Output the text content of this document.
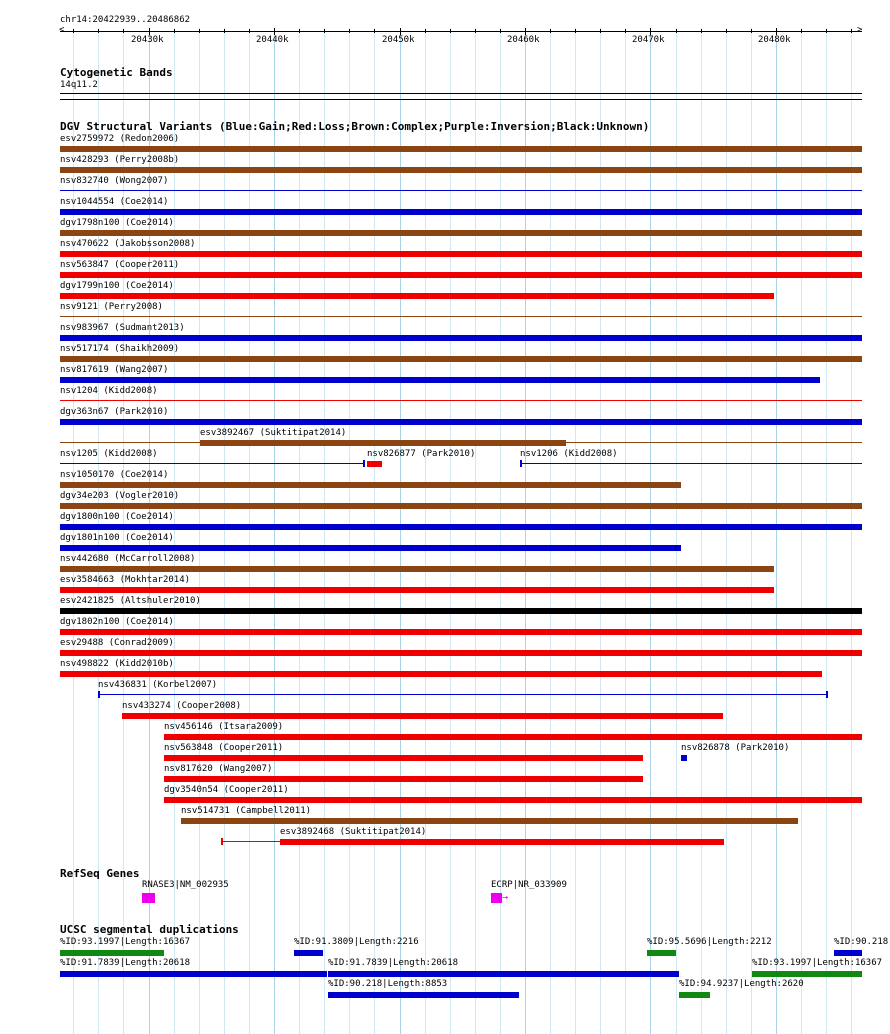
chr14:20422939..20486862
<	>
20430k	20440k	20450k	20460k	20470k	20480k
Cytogenetic Bands
14q11.2
DGV Structural Variants (Blue:Gain;Red:Loss;Brown:Complex;Purple:Inversion;Black:Unknown)
esv2759972 (Redon2006)
nsv428293 (Perry2008b)
nsv832740 (Wong2007)
nsv1044554 (Coe2014)
dgv1798n100 (Coe2014)
nsv470622 (Jakobsson2008)
nsv563847 (Cooper2011)
dgv1799n100 (Coe2014)
nsv9121 (Perry2008)
nsv983967 (Sudmant2013)
nsv517174 (Shaikh2009)
nsv817619 (Wang2007)
nsv1204 (Kidd2008)
dgv363n67 (Park2010)
esv3892467 (Suktitipat2014)
nsv1205 (Kidd2008)	nsv826877 (Park2010)	nsv1206 (Kidd2008)
nsv1050170 (Coe2014)
dgv34e203 (Vogler2010)
dgv1800n100 (Coe2014)
dgv1801n100 (Coe2014)
nsv442680 (McCarroll2008)
esv3584663 (Mokhtar2014)
esv2421825 (Altshuler2010)
dgv1802n100 (Coe2014)
esv29488 (Conrad2009)
nsv498822 (Kidd2010b)
nsv436831 (Korbel2007)
nsv433274 (Cooper2008)
nsv456146 (Itsara2009)
nsv563848 (Cooper2011)	nsv826878 (Park2010)
nsv817620 (Wang2007)
dgv3540n54 (Cooper2011)
nsv514731 (Campbell2011)
esv3892468 (Suktitipat2014)
RefSeq Genes
RNASE3|NM_002935	ECRP|NR_033909
→
UCSC segmental duplications
%ID:93.1997|Length:16367	%ID:91.3809|Length:2216	%ID:95.5696|Length:2212	%ID:90.218
%ID:91.7839|Length:20618	%ID:91.7839|Length:20618	%ID:93.1997|Length:16367
%ID:90.218|Length:8853	%ID:94.9237|Length:2620
